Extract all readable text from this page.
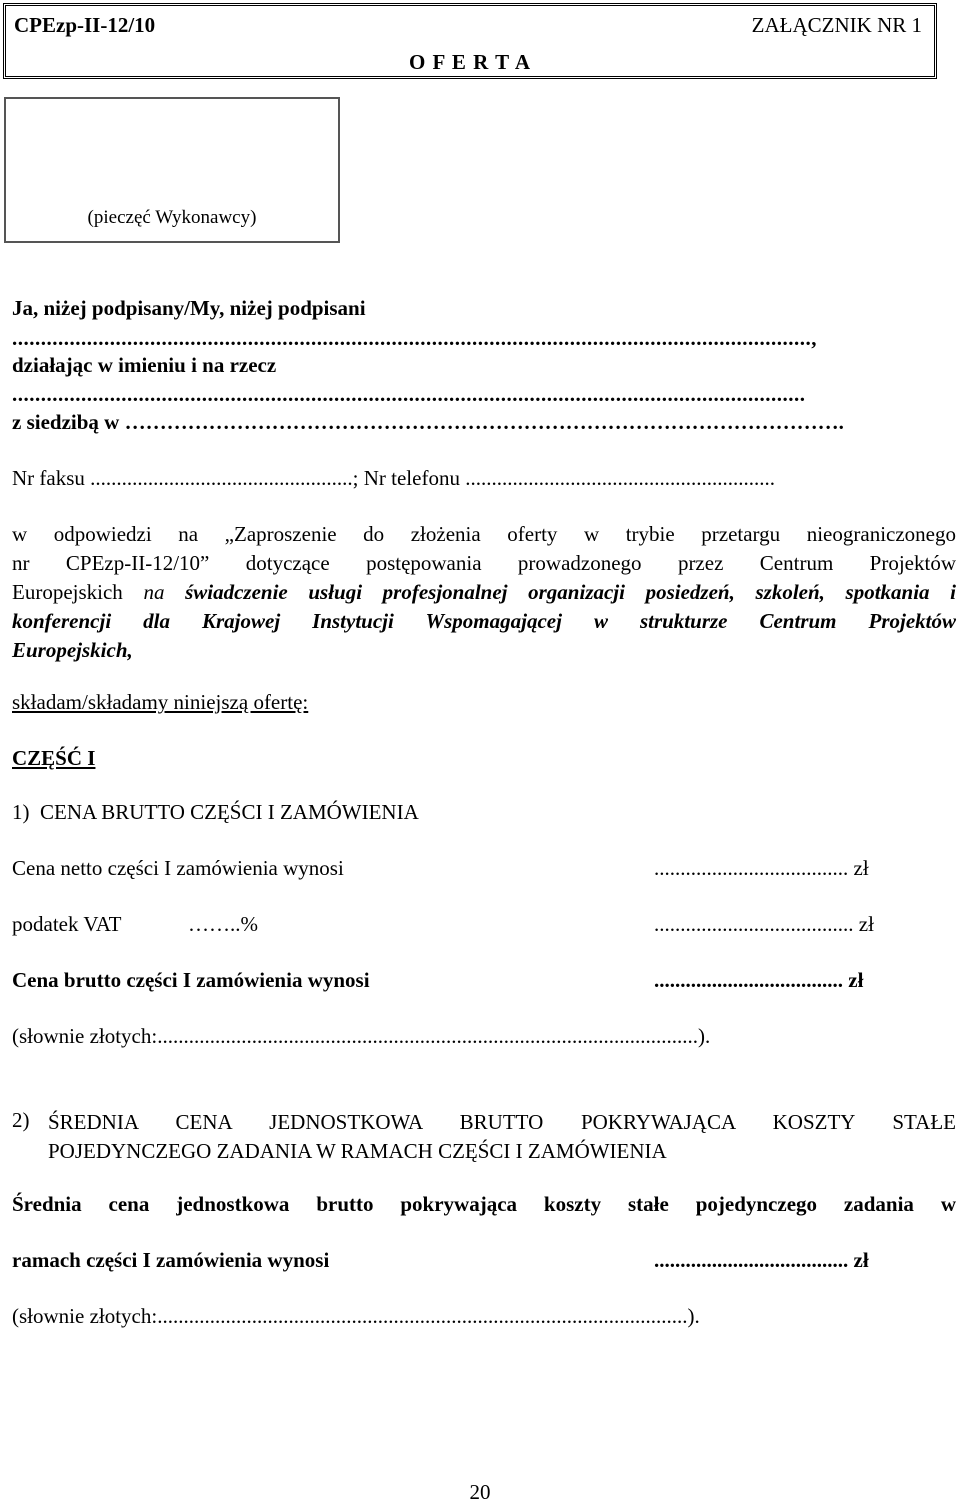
CPEzp-II-12/10	ZAŁĄCZNIK NR 1
O F E R T A
(pieczęć Wykonawcy)
Ja, niżej podpisany/My, niżej podpisani
...........................................................................................................................................,
działając w imieniu i na rzecz
..........................................................................................................................................
z siedzibą w ………………………………………………………………………………………….
Nr faksu ..................................................; Nr telefonu ...........................................................
w odpowiedzi na „Zaproszenie do złożenia oferty w trybie przetargu nieograniczonego
nr CPEzp-II-12/10” dotyczące postępowania prowadzonego przez Centrum Projektów
Europejskich na świadczenie usługi profesjonalnej organizacji posiedzeń, szkoleń, spotkania i
konferencji dla Krajowej Instytucji Wspomagającej w strukturze Centrum Projektów
Europejskich,
składam/składamy niniejszą ofertę:
CZĘŚĆ I
1) CENA BRUTTO CZĘŚCI I ZAMÓWIENIA
Cena netto części I zamówienia wynosi	..................................... zł
podatek VAT	……..%	...................................... zł
Cena brutto części I zamówienia wynosi	.................................... zł
(słownie złotych:.......................................................................................................).
2) ŚREDNIA CENA JEDNOSTKOWA BRUTTO POKRYWAJĄCA KOSZTY STAŁE
POJEDYNCZEGO ZADANIA W RAMACH CZĘŚCI I ZAMÓWIENIA
Średnia cena jednostkowa brutto pokrywająca koszty stałe pojedynczego zadania w
ramach części I zamówienia wynosi	..................................... zł
(słownie złotych:.....................................................................................................).
20
